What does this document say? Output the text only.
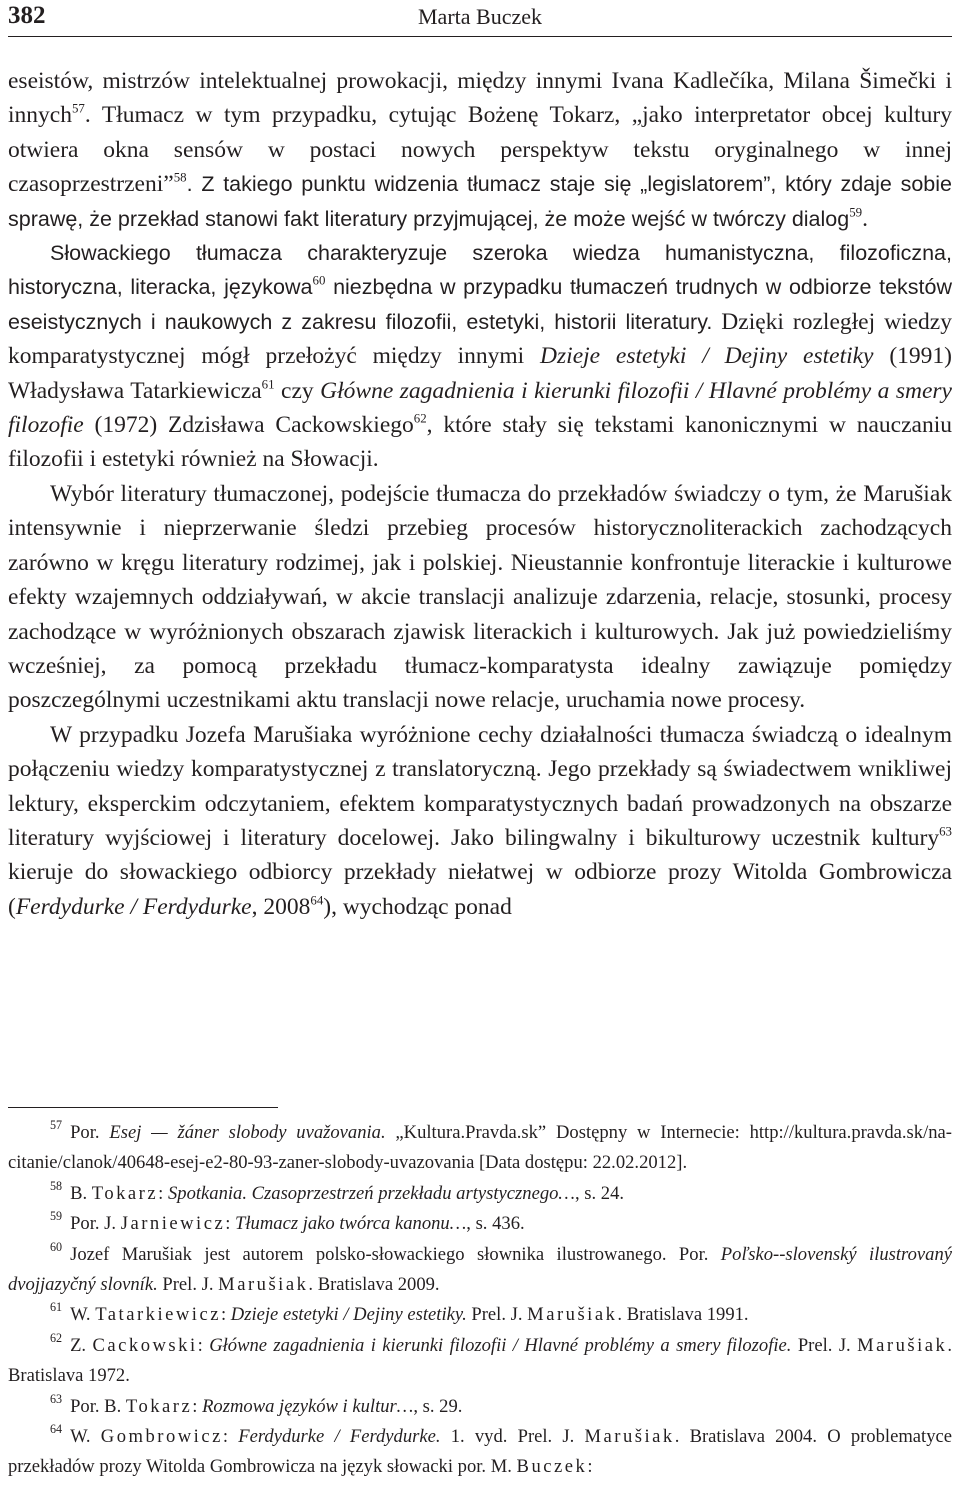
382	Marta Buczek

eseistów, mistrzów intelektualnej prowokacji, między innymi Ivana Kadlečíka, Milana Šimečki i innych$^{57}$. Tłumacz w tym przypadku, cytując Bożenę Tokarz, „jako interpretator obcej kultury otwiera okna sensów w postaci nowych perspektyw tekstu oryginalnego w innej czasoprzestrzeni”$^{58}$. Z takiego punktu widzenia tłumacz staje się „legislatorem”, który zdaje sobie sprawę, że przekład stanowi fakt literatury przyjmującej, że może wejść w twórczy dialog$^{59}$.

Słowackiego tłumacza charakteryzuje szeroka wiedza humanistyczna, filozoficzna, historyczna, literacka, językowa$^{60}$ niezbędna w przypadku tłumaczeń trudnych w odbiorze tekstów eseistycznych i naukowych z zakresu filozofii, estetyki, historii literatury. Dzięki rozległej wiedzy komparatystycznej mógł przełożyć między innymi Dzieje estetyki / Dejiny estetiky (1991) Władysława Tatarkiewicza$^{61}$ czy Główne zagadnienia i kierunki filozofii / Hlavné problémy a smery filozofie (1972) Zdzisława Cackowskiego$^{62}$, które stały się tekstami kanonicznymi w nauczaniu filozofii i estetyki również na Słowacji.

Wybór literatury tłumaczonej, podejście tłumacza do przekładów świadczy o tym, że Marušiak intensywnie i nieprzerwanie śledzi przebieg procesów historycznoliterackich zachodzących zarówno w kręgu literatury rodzimej, jak i polskiej. Nieustannie konfrontuje literackie i kulturowe efekty wzajemnych oddziaływań, w akcie translacji analizuje zdarzenia, relacje, stosunki, procesy zachodzące w wyróżnionych obszarach zjawisk literackich i kulturowych. Jak już powiedzieliśmy wcześniej, za pomocą przekładu tłumacz-komparatysta idealny zawiązuje pomiędzy poszczególnymi uczestnikami aktu translacji nowe relacje, uruchamia nowe procesy.

W przypadku Jozefa Marušiaka wyróżnione cechy działalności tłumacza świadczą o idealnym połączeniu wiedzy komparatystycznej z translatoryczną. Jego przekłady są świadectwem wnikliwej lektury, eksperckim odczytaniem, efektem komparatystycznych badań prowadzonych na obszarze literatury wyjściowej i literatury docelowej. Jako bilingwalny i bikulturowy uczestnik kultury$^{63}$ kieruje do słowackiego odbiorcy przekłady niełatwej w odbiorze prozy Witolda Gombrowicza (Ferdydurke / Ferdydurke, 2008$^{64}$), wychodząc ponad

$^{57}$ Por. Esej — žáner slobody uvažovania. „Kultura.Pravda.sk” Dostępny w Internecie: http://kultura.pravda.sk/na-citanie/clanok/40648-esej-e2-80-93-zaner-slobody-uvazovania [Data dostępu: 22.02.2012].

$^{58}$ B. Tokarz: Spotkania. Czasoprzestrzeń przekładu artystycznego…, s. 24.

$^{59}$ Por. J. Jarniewicz: Tłumacz jako twórca kanonu…, s. 436.

$^{60}$ Jozef Marušiak jest autorem polsko-słowackiego słownika ilustrowanego. Por. Poľsko--slovenský ilustrovaný dvojjazyčný slovník. Prel. J. Marušiak. Bratislava 2009.

$^{61}$ W. Tatarkiewicz: Dzieje estetyki / Dejiny estetiky. Prel. J. Marušiak. Bratislava 1991.

$^{62}$ Z. Cackowski: Główne zagadnienia i kierunki filozofii / Hlavné problémy a smery filozofie. Prel. J. Marušiak. Bratislava 1972.

$^{63}$ Por. B. Tokarz: Rozmowa języków i kultur…, s. 29.

$^{64}$ W. Gombrowicz: Ferdydurke / Ferdydurke. 1. vyd. Prel. J. Marušiak. Bratislava 2004. O problematyce przekładów prozy Witolda Gombrowicza na język słowacki por. M. Buczek:
